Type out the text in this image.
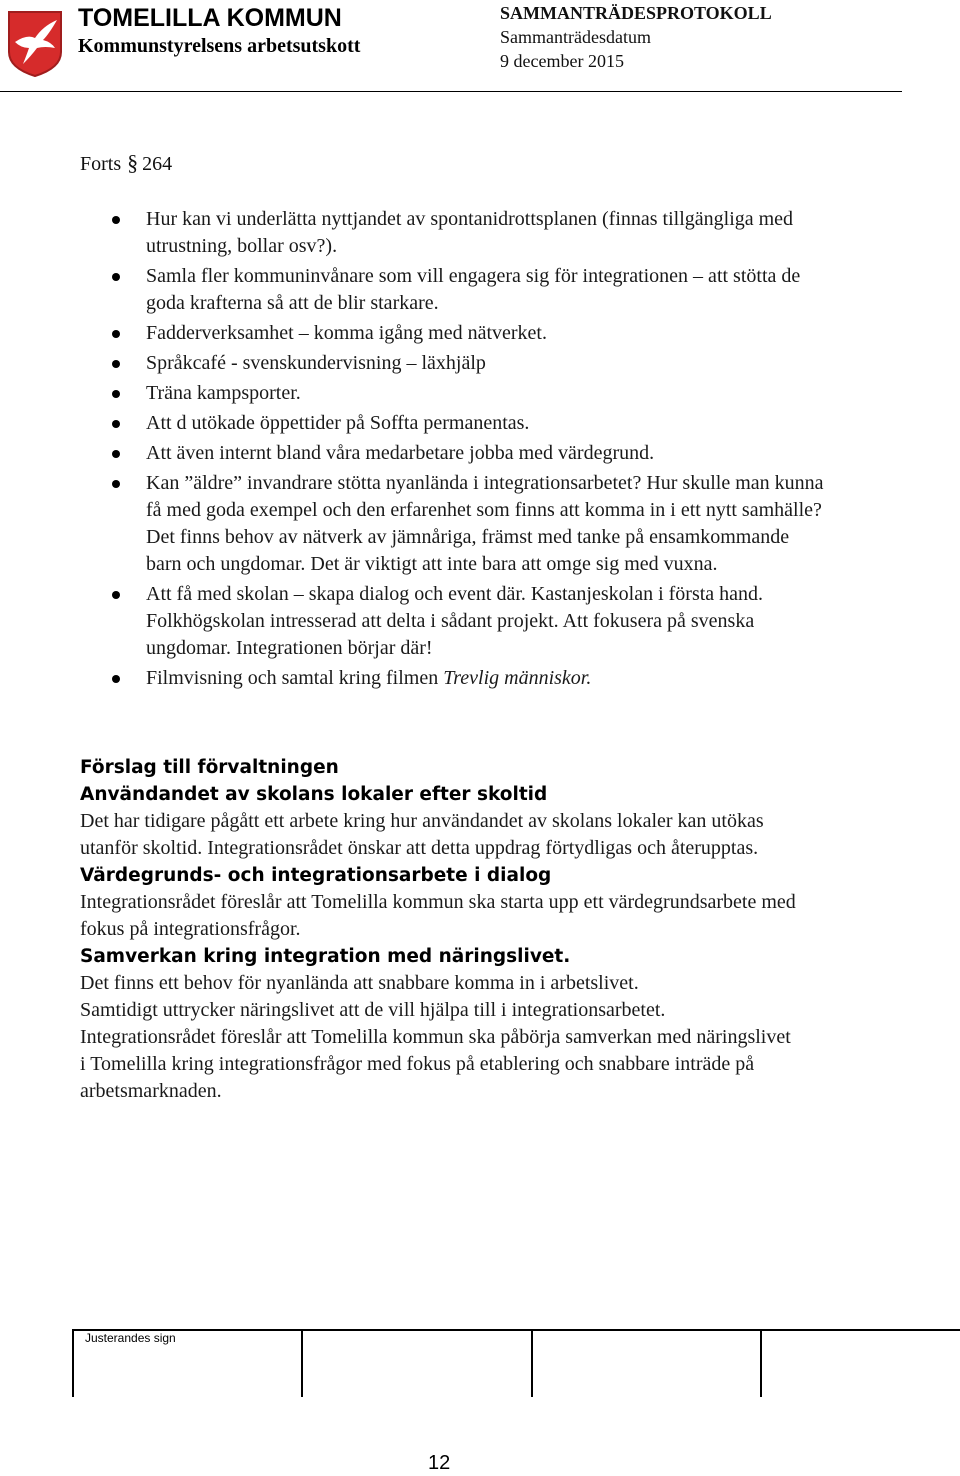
TOMELILLA KOMMUN
Kommunstyrelsens arbetsutskott
SAMMANTRÄDESPROTOKOLL
Sammanträdesdatum
9 december 2015
Forts § 264
Hur kan vi underlätta nyttjandet av spontanidrottsplanen (finnas tillgängliga med utrustning, bollar osv?).
Samla fler kommuninvånare som vill engagera sig för integrationen – att stötta de goda krafterna så att de blir starkare.
Fadderverksamhet – komma igång med nätverket.
Språkcafé - svenskundervisning – läxhjälp
Träna kampsporter.
Att d utökade öppettider på Soffta permanentas.
Att även internt bland våra medarbetare jobba med värdegrund.
Kan ”äldre” invandrare stötta nyanlända i integrationsarbetet? Hur skulle man kunna få med goda exempel och den erfarenhet som finns att komma in i ett nytt samhälle? Det finns behov av nätverk av jämnåriga, främst med tanke på ensamkommande barn och ungdomar. Det är viktigt att inte bara att omge sig med vuxna.
Att få med skolan – skapa dialog och event där. Kastanjeskolan i första hand. Folkhögskolan intresserad att delta i sådant projekt. Att fokusera på svenska ungdomar. Integrationen börjar där!
Filmvisning och samtal kring filmen Trevlig människor.
Förslag till förvaltningen
Användandet av skolans lokaler efter skoltid

Det har tidigare pågått ett arbete kring hur användandet av skolans lokaler kan utökas utanför skoltid. Integrationsrådet önskar att detta uppdrag förtydligas och återupptas.

Värdegrunds- och integrationsarbete i dialog

Integrationsrådet föreslår att Tomelilla kommun ska starta upp ett värdegrundsarbete med fokus på integrationsfrågor.

Samverkan kring integration med näringslivet.

Det finns ett behov för nyanlända att snabbare komma in i arbetslivet.

Samtidigt uttrycker näringslivet att de vill hjälpa till i integrationsarbetet.

Integrationsrådet föreslår att Tomelilla kommun ska påbörja samverkan med näringslivet i Tomelilla kring integrationsfrågor med fokus på etablering och snabbare inträde på arbetsmarknaden.

Justerandes sign
12
